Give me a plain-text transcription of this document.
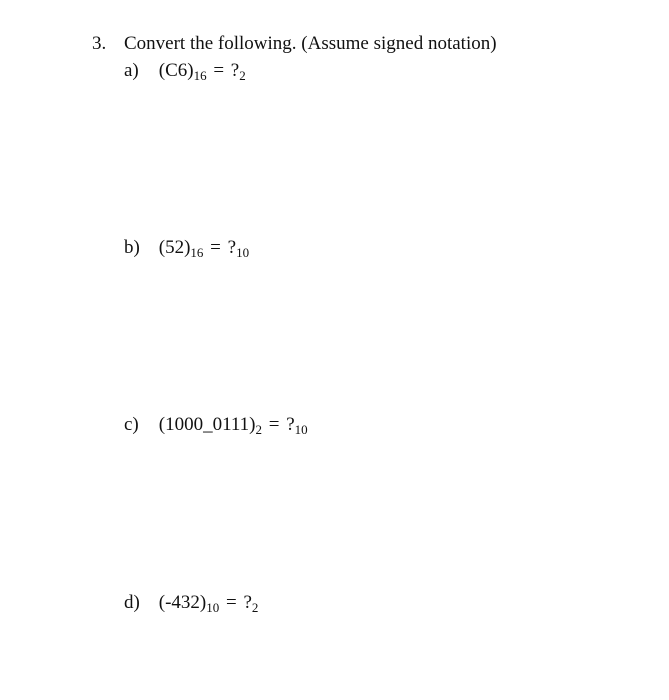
3. Convert the following. (Assume signed notation)
a) $(C6)_{16}$ = $?_2$
b) $(52)_{16}$ = $?_{10}$
c) $(1000\_0111)_2$ = $?_{10}$
d) $(-432)_{10}$ = $?_2$
